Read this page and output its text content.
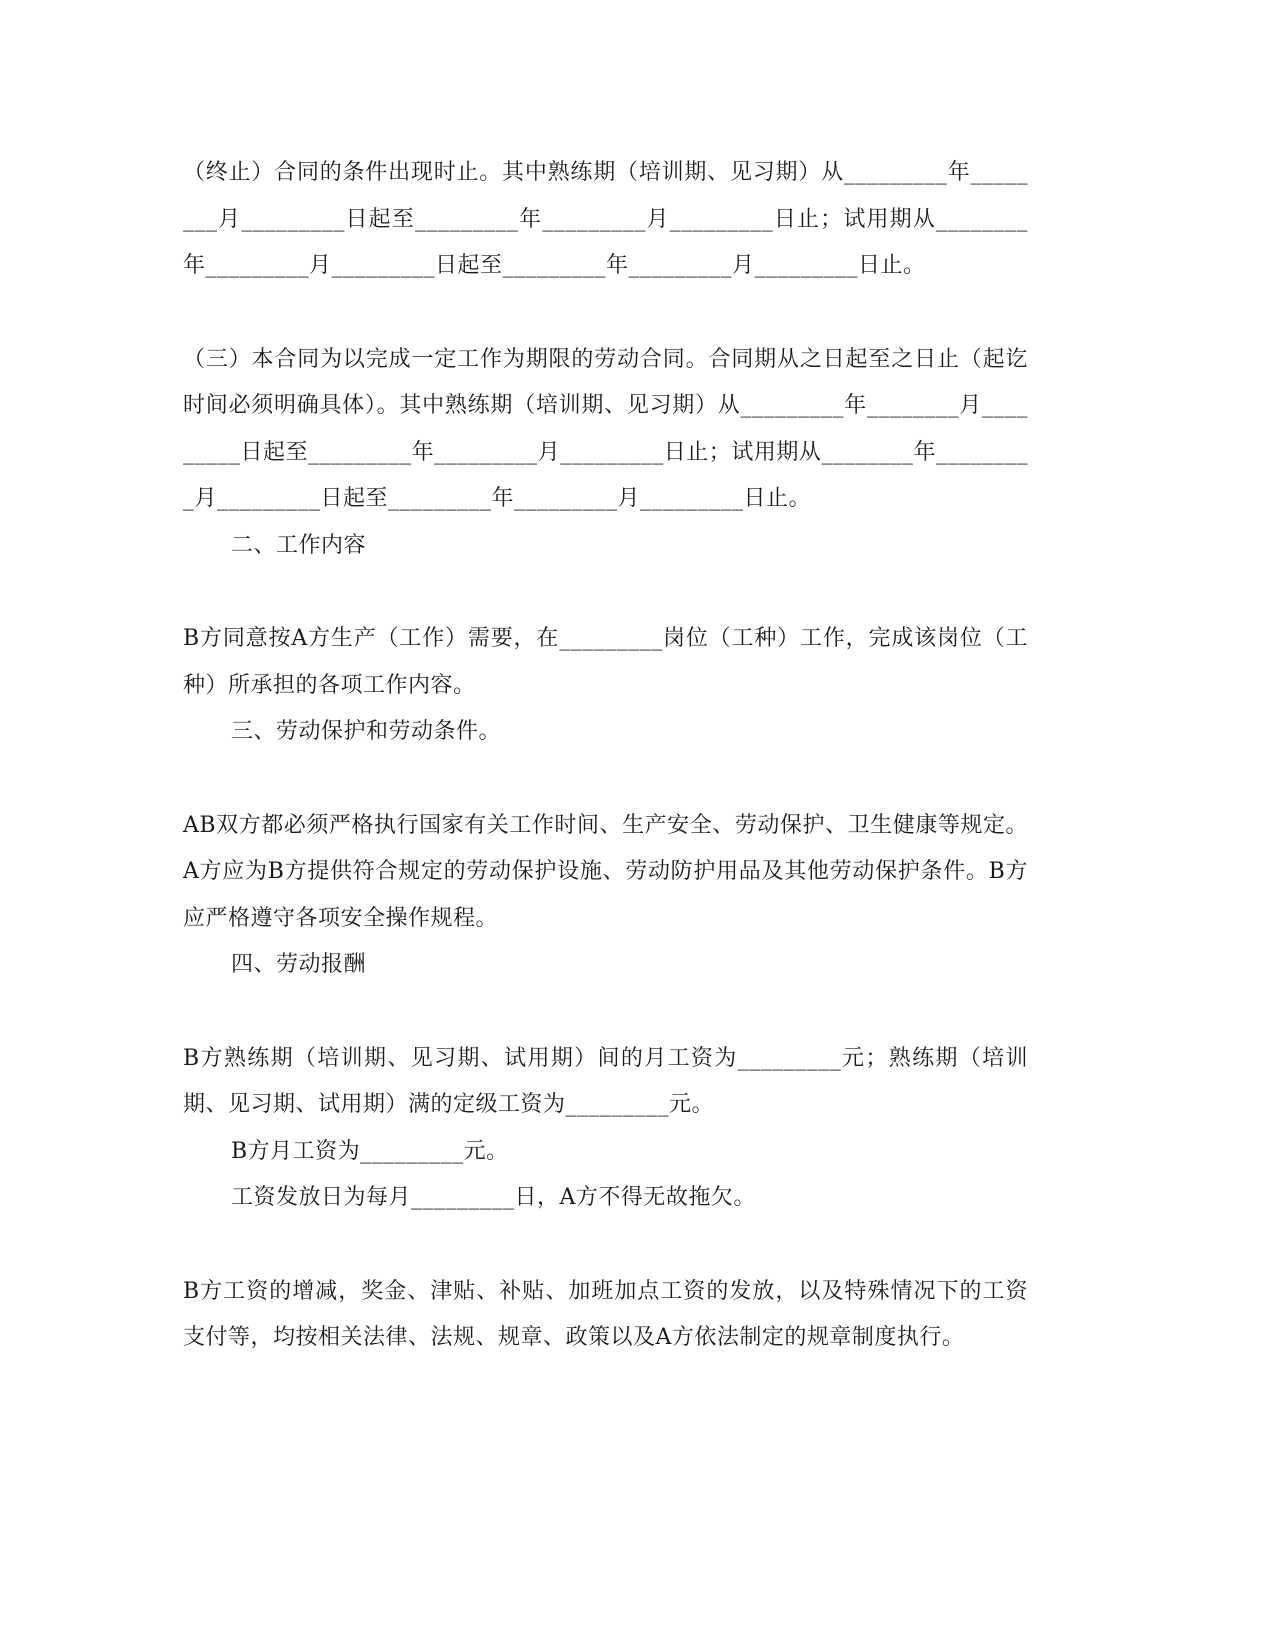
（终止）合同的条件出现时止。其中熟练期（培训期、见习期）从_________年________月_________日起至_________年_________月_________日止；试用期从________年_________月_________日起至_________年_________月_________日止。

（三）本合同为以完成一定工作为期限的劳动合同。合同期从之日起至之日止（起讫时间必须明确具体）。其中熟练期（培训期、见习期）从_________年________月_________日起至_________年_________月_________日止；试用期从________年_________月_________日起至_________年_________月_________日止。

二、工作内容

B方同意按A方生产（工作）需要，在_________岗位（工种）工作，完成该岗位（工种）所承担的各项工作内容。

三、劳动保护和劳动条件。

AB双方都必须严格执行国家有关工作时间、生产安全、劳动保护、卫生健康等规定。A方应为B方提供符合规定的劳动保护设施、劳动防护用品及其他劳动保护条件。B方应严格遵守各项安全操作规程。

四、劳动报酬

B方熟练期（培训期、见习期、试用期）间的月工资为_________元；熟练期（培训期、见习期、试用期）满的定级工资为_________元。

B方月工资为_________元。

工资发放日为每月_________日，A方不得无故拖欠。

B方工资的增减，奖金、津贴、补贴、加班加点工资的发放，以及特殊情况下的工资支付等，均按相关法律、法规、规章、政策以及A方依法制定的规章制度执行。
